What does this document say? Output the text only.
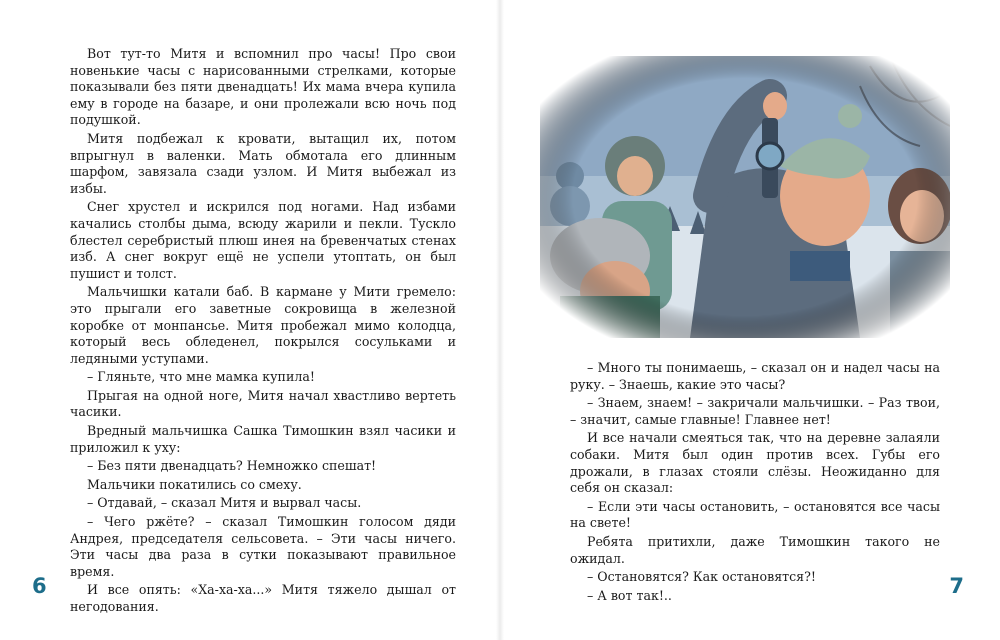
Вот тут-то Митя и вспомнил про часы! Про свои новенькие часы с нарисованными стрелками, которые показывали без пяти двенадцать! Их мама вчера купила ему в городе на базаре, и они пролежали всю ночь под подушкой.

Митя подбежал к кровати, вытащил их, потом впрыгнул в валенки. Мать обмотала его длинным шарфом, завязала сзади узлом. И Митя выбежал из избы.

Снег хрустел и искрился под ногами. Над избами качались столбы дыма, всюду жарили и пекли. Тускло блестел серебристый плюш инея на бревенчатых стенах изб. А снег вокруг ещё не успели утоптать, он был пушист и толст.

Мальчишки катали баб. В кармане у Мити гремело: это прыгали его заветные сокровища в железной коробке от монпансье. Митя пробежал мимо колодца, который весь обледенел, покрылся сосульками и ледяными уступами.

– Гляньте, что мне мамка купила!

Прыгая на одной ноге, Митя начал хвастливо вертеть часики.

Вредный мальчишка Сашка Тимошкин взял часики и приложил к уху:

– Без пяти двенадцать? Немножко спешат!

Мальчики покатились со смеху.

– Отдавай, – сказал Митя и вырвал часы.

– Чего ржёте? – сказал Тимошкин голосом дяди Андрея, председателя сельсовета. – Эти часы ничего. Эти часы два раза в сутки показывают правильное время.

И все опять: «Ха-ха-ха...» Митя тяжело дышал от негодования.

6

– Много ты понимаешь, – сказал он и надел часы на руку. – Знаешь, какие это часы?

– Знаем, знаем! – закричали мальчишки. – Раз твои, – значит, самые главные! Главнее нет!

И все начали смеяться так, что на деревне залаяли собаки. Митя был один против всех. Губы его дрожали, в глазах стояли слёзы. Неожиданно для себя он сказал:

– Если эти часы остановить, – остановятся все часы на свете!

Ребята притихли, даже Тимошкин такого не ожидал.

– Остановятся? Как остановятся?!

– А вот так!..	7
